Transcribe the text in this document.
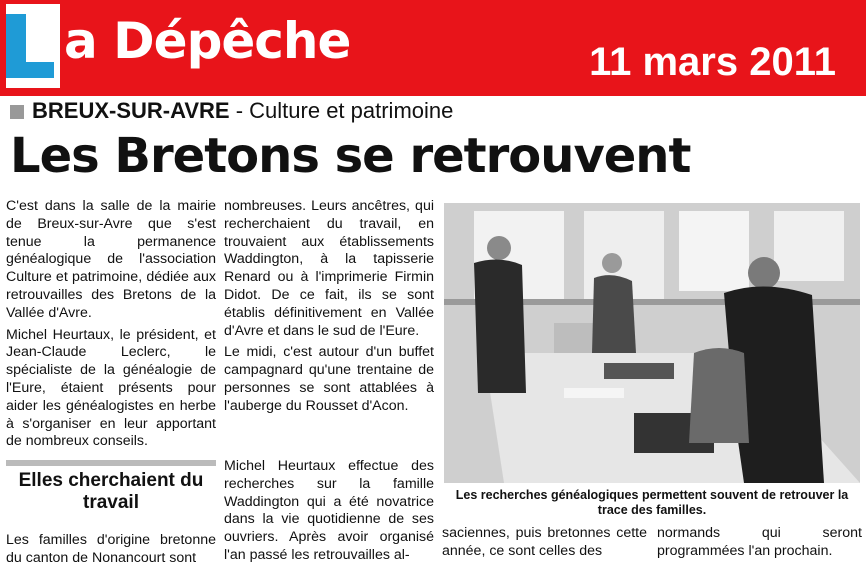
a Dépêche	11 mars 2011
BREUX-SUR-AVRE - Culture et patrimoine
Les Bretons se retrouvent

C'est dans la salle de la mairie de Breux-sur-Avre que s'est tenue la permanence généalogique de l'association Culture et patrimoine, dédiée aux retrouvailles des Bretons de la Vallée d'Avre.

Michel Heurtaux, le président, et Jean-Claude Leclerc, le spécialiste de la généalogie de l'Eure, étaient présents pour aider les généalogistes en herbe à s'organiser en leur apportant de nombreux conseils.

Elles cherchaient du travail

Les familles d'origine bretonne du canton de Nonancourt sont

nombreuses. Leurs ancêtres, qui recherchaient du travail, en trouvaient aux établissements Waddington, à la tapisserie Renard ou à l'imprimerie Firmin Didot. De ce fait, ils se sont établis définitivement en Vallée d'Avre et dans le sud de l'Eure.

Le midi, c'est autour d'un buffet campagnard qu'une trentaine de personnes se sont attablées à l'auberge du Rousset d'Acon.

Michel Heurtaux effectue des recherches sur la famille Waddington qui a été novatrice dans la vie quotidienne de ses ouvriers. Après avoir organisé l'an passé les retrouvailles al-

Les recherches généalogiques permettent souvent de retrouver la trace des familles.

saciennes, puis bretonnes cette année, ce sont celles des

normands qui seront programmées l'an prochain.
